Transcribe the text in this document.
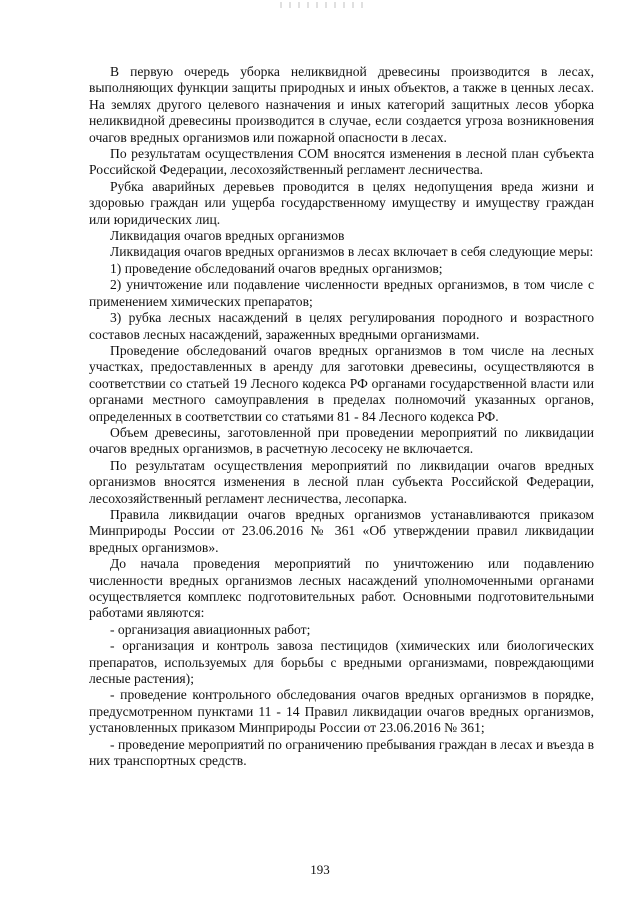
В первую очередь уборка неликвидной древесины производится в лесах, выполняющих функции защиты природных и иных объектов, а также в ценных лесах. На землях другого целевого назначения и иных категорий защитных лесов уборка неликвидной древесины производится в случае, если создается угроза возникновения очагов вредных организмов или пожарной опасности в лесах.

По результатам осуществления СОМ вносятся изменения в лесной план субъекта Российской Федерации, лесохозяйственный регламент лесничества.

Рубка аварийных деревьев проводится в целях недопущения вреда жизни и здоровью граждан или ущерба государственному имуществу и имуществу граждан или юридических лиц.

Ликвидация очагов вредных организмов

Ликвидация очагов вредных организмов в лесах включает в себя следующие меры:

1) проведение обследований очагов вредных организмов;

2) уничтожение или подавление численности вредных организмов, в том числе с применением химических препаратов;

3) рубка лесных насаждений в целях регулирования породного и возрастного составов лесных насаждений, зараженных вредными организмами.

Проведение обследований очагов вредных организмов в том числе на лесных участках, предоставленных в аренду для заготовки древесины, осуществляются в соответствии со статьей 19 Лесного кодекса РФ органами государственной власти или органами местного самоуправления в пределах полномочий указанных органов, определенных в соответствии со статьями 81 - 84 Лесного кодекса РФ.

Объем древесины, заготовленной при проведении мероприятий по ликвидации очагов вредных организмов, в расчетную лесосеку не включается.

По результатам осуществления мероприятий по ликвидации очагов вредных организмов вносятся изменения в лесной план субъекта Российской Федерации, лесохозяйственный регламент лесничества, лесопарка.

Правила ликвидации очагов вредных организмов устанавливаются приказом Минприроды России от 23.06.2016 № 361 «Об утверждении правил ликвидации вредных организмов».

До начала проведения мероприятий по уничтожению или подавлению численности вредных организмов лесных насаждений уполномоченными органами осуществляется комплекс подготовительных работ. Основными подготовительными работами являются:

- организация авиационных работ;

- организация и контроль завоза пестицидов (химических или биологических препаратов, используемых для борьбы с вредными организмами, повреждающими лесные растения);

- проведение контрольного обследования очагов вредных организмов в порядке, предусмотренном пунктами 11 - 14 Правил ликвидации очагов вредных организмов, установленных приказом Минприроды России от 23.06.2016 № 361;

- проведение мероприятий по ограничению пребывания граждан в лесах и въезда в них транспортных средств.

193
